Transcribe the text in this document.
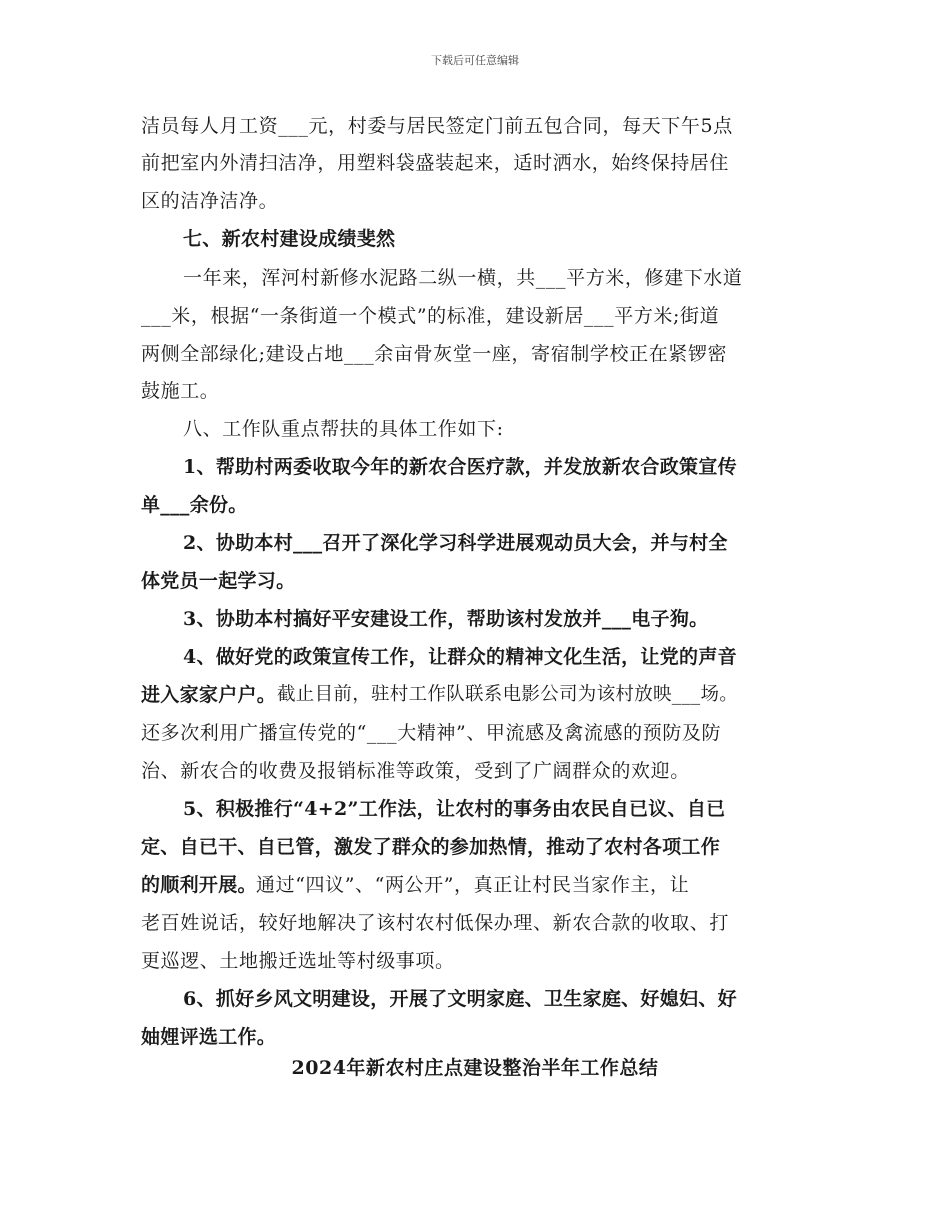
下载后可任意编辑
洁员每人月工资___元，村委与居民签定门前五包合同，每天下午5点
前把室内外清扫洁净，用塑料袋盛装起来，适时洒水，始终保持居住
区的洁净洁净。
七、新农村建设成绩斐然
一年来，浑河村新修水泥路二纵一横，共___平方米，修建下水道
___米，根据“一条街道一个模式”的标准，建设新居___平方米;街道
两侧全部绿化;建设占地___余亩骨灰堂一座，寄宿制学校正在紧锣密
鼓施工。
八、工作队重点帮扶的具体工作如下:
1、帮助村两委收取今年的新农合医疗款，并发放新农合政策宣传
单___余份。
2、协助本村___召开了深化学习科学进展观动员大会，并与村全
体党员一起学习。
3、协助本村搞好平安建设工作，帮助该村发放并___电子狗。
4、做好党的政策宣传工作，让群众的精神文化生活，让党的声音
进入家家户户。 截止目前，驻村工作队联系电影公司为该村放映___场。
还多次利用广播宣传党的“___大精神”、甲流感及禽流感的预防及防
治、新农合的收费及报销标准等政策，受到了广阔群众的欢迎。
5、积极推行“4+2”工作法，让农村的事务由农民自已议、自已
定、自已干、自已管，激发了群众的参加热情，推动了农村各项工作
的顺利开展。 通过“四议”、“两公开”，真正让村民当家作主，让
老百姓说话，较好地解决了该村农村低保办理、新农合款的收取、打
更巡逻、土地搬迁选址等村级事项。
6、抓好乡风文明建设，开展了文明家庭、卫生家庭、好媳妇、好
妯娌评选工作。
2024年新农村庄点建设整治半年工作总结
